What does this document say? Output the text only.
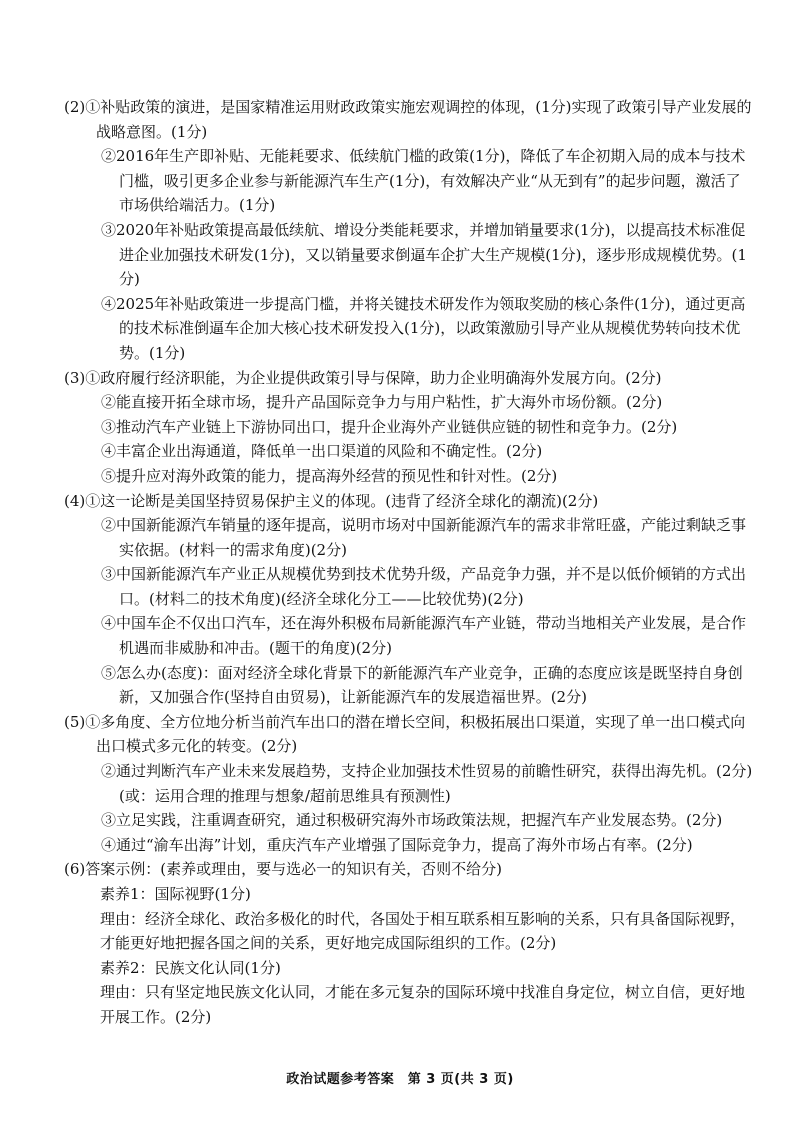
(2)①补贴政策的演进，是国家精准运用财政政策实施宏观调控的体现，(1分)实现了政策引导产业发展的战略意图。(1分)
②2016年生产即补贴、无能耗要求、低续航门槛的政策(1分)，降低了车企初期入局的成本与技术门槛，吸引更多企业参与新能源汽车生产(1分)，有效解决产业“从无到有”的起步问题，激活了市场供给端活力。(1分)
③2020年补贴政策提高最低续航、增设分类能耗要求，并增加销量要求(1分)，以提高技术标准促进企业加强技术研发(1分)，又以销量要求倒逼车企扩大生产规模(1分)，逐步形成规模优势。(1分)
④2025年补贴政策进一步提高门槛，并将关键技术研发作为领取奖励的核心条件(1分)，通过更高的技术标准倒逼车企加大核心技术研发投入(1分)，以政策激励引导产业从规模优势转向技术优势。(1分)
(3)①政府履行经济职能，为企业提供政策引导与保障，助力企业明确海外发展方向。(2分)
②能直接开拓全球市场，提升产品国际竞争力与用户粘性，扩大海外市场份额。(2分)
③推动汽车产业链上下游协同出口，提升企业海外产业链供应链的韧性和竞争力。(2分)
④丰富企业出海通道，降低单一出口渠道的风险和不确定性。(2分)
⑤提升应对海外政策的能力，提高海外经营的预见性和针对性。(2分)
(4)①这一论断是美国坚持贸易保护主义的体现。(违背了经济全球化的潮流)(2分)
②中国新能源汽车销量的逐年提高，说明市场对中国新能源汽车的需求非常旺盛，产能过剩缺乏事实依据。(材料一的需求角度)(2分)
③中国新能源汽车产业正从规模优势到技术优势升级，产品竞争力强，并不是以低价倾销的方式出口。(材料二的技术角度)(经济全球化分工——比较优势)(2分)
④中国车企不仅出口汽车，还在海外积极布局新能源汽车产业链，带动当地相关产业发展，是合作机遇而非威胁和冲击。(题干的角度)(2分)
⑤怎么办(态度)：面对经济全球化背景下的新能源汽车产业竞争，正确的态度应该是既坚持自身创新，又加强合作(坚持自由贸易)，让新能源汽车的发展造福世界。(2分)
(5)①多角度、全方位地分析当前汽车出口的潜在增长空间，积极拓展出口渠道，实现了单一出口模式向出口模式多元化的转变。(2分)
②通过判断汽车产业未来发展趋势，支持企业加强技术性贸易的前瞻性研究，获得出海先机。(2分)(或：运用合理的推理与想象/超前思维具有预测性)
③立足实践，注重调查研究，通过积极研究海外市场政策法规，把握汽车产业发展态势。(2分)
④通过“渝车出海”计划，重庆汽车产业增强了国际竞争力，提高了海外市场占有率。(2分)
(6)答案示例：(素养或理由，要与选必一的知识有关，否则不给分)
素养1：国际视野(1分)
理由：经济全球化、政治多极化的时代，各国处于相互联系相互影响的关系，只有具备国际视野，才能更好地把握各国之间的关系，更好地完成国际组织的工作。(2分)
素养2：民族文化认同(1分)
理由：只有坚定地民族文化认同，才能在多元复杂的国际环境中找准自身定位，树立自信，更好地开展工作。(2分)
政治试题参考答案　第 3 页(共 3 页)
